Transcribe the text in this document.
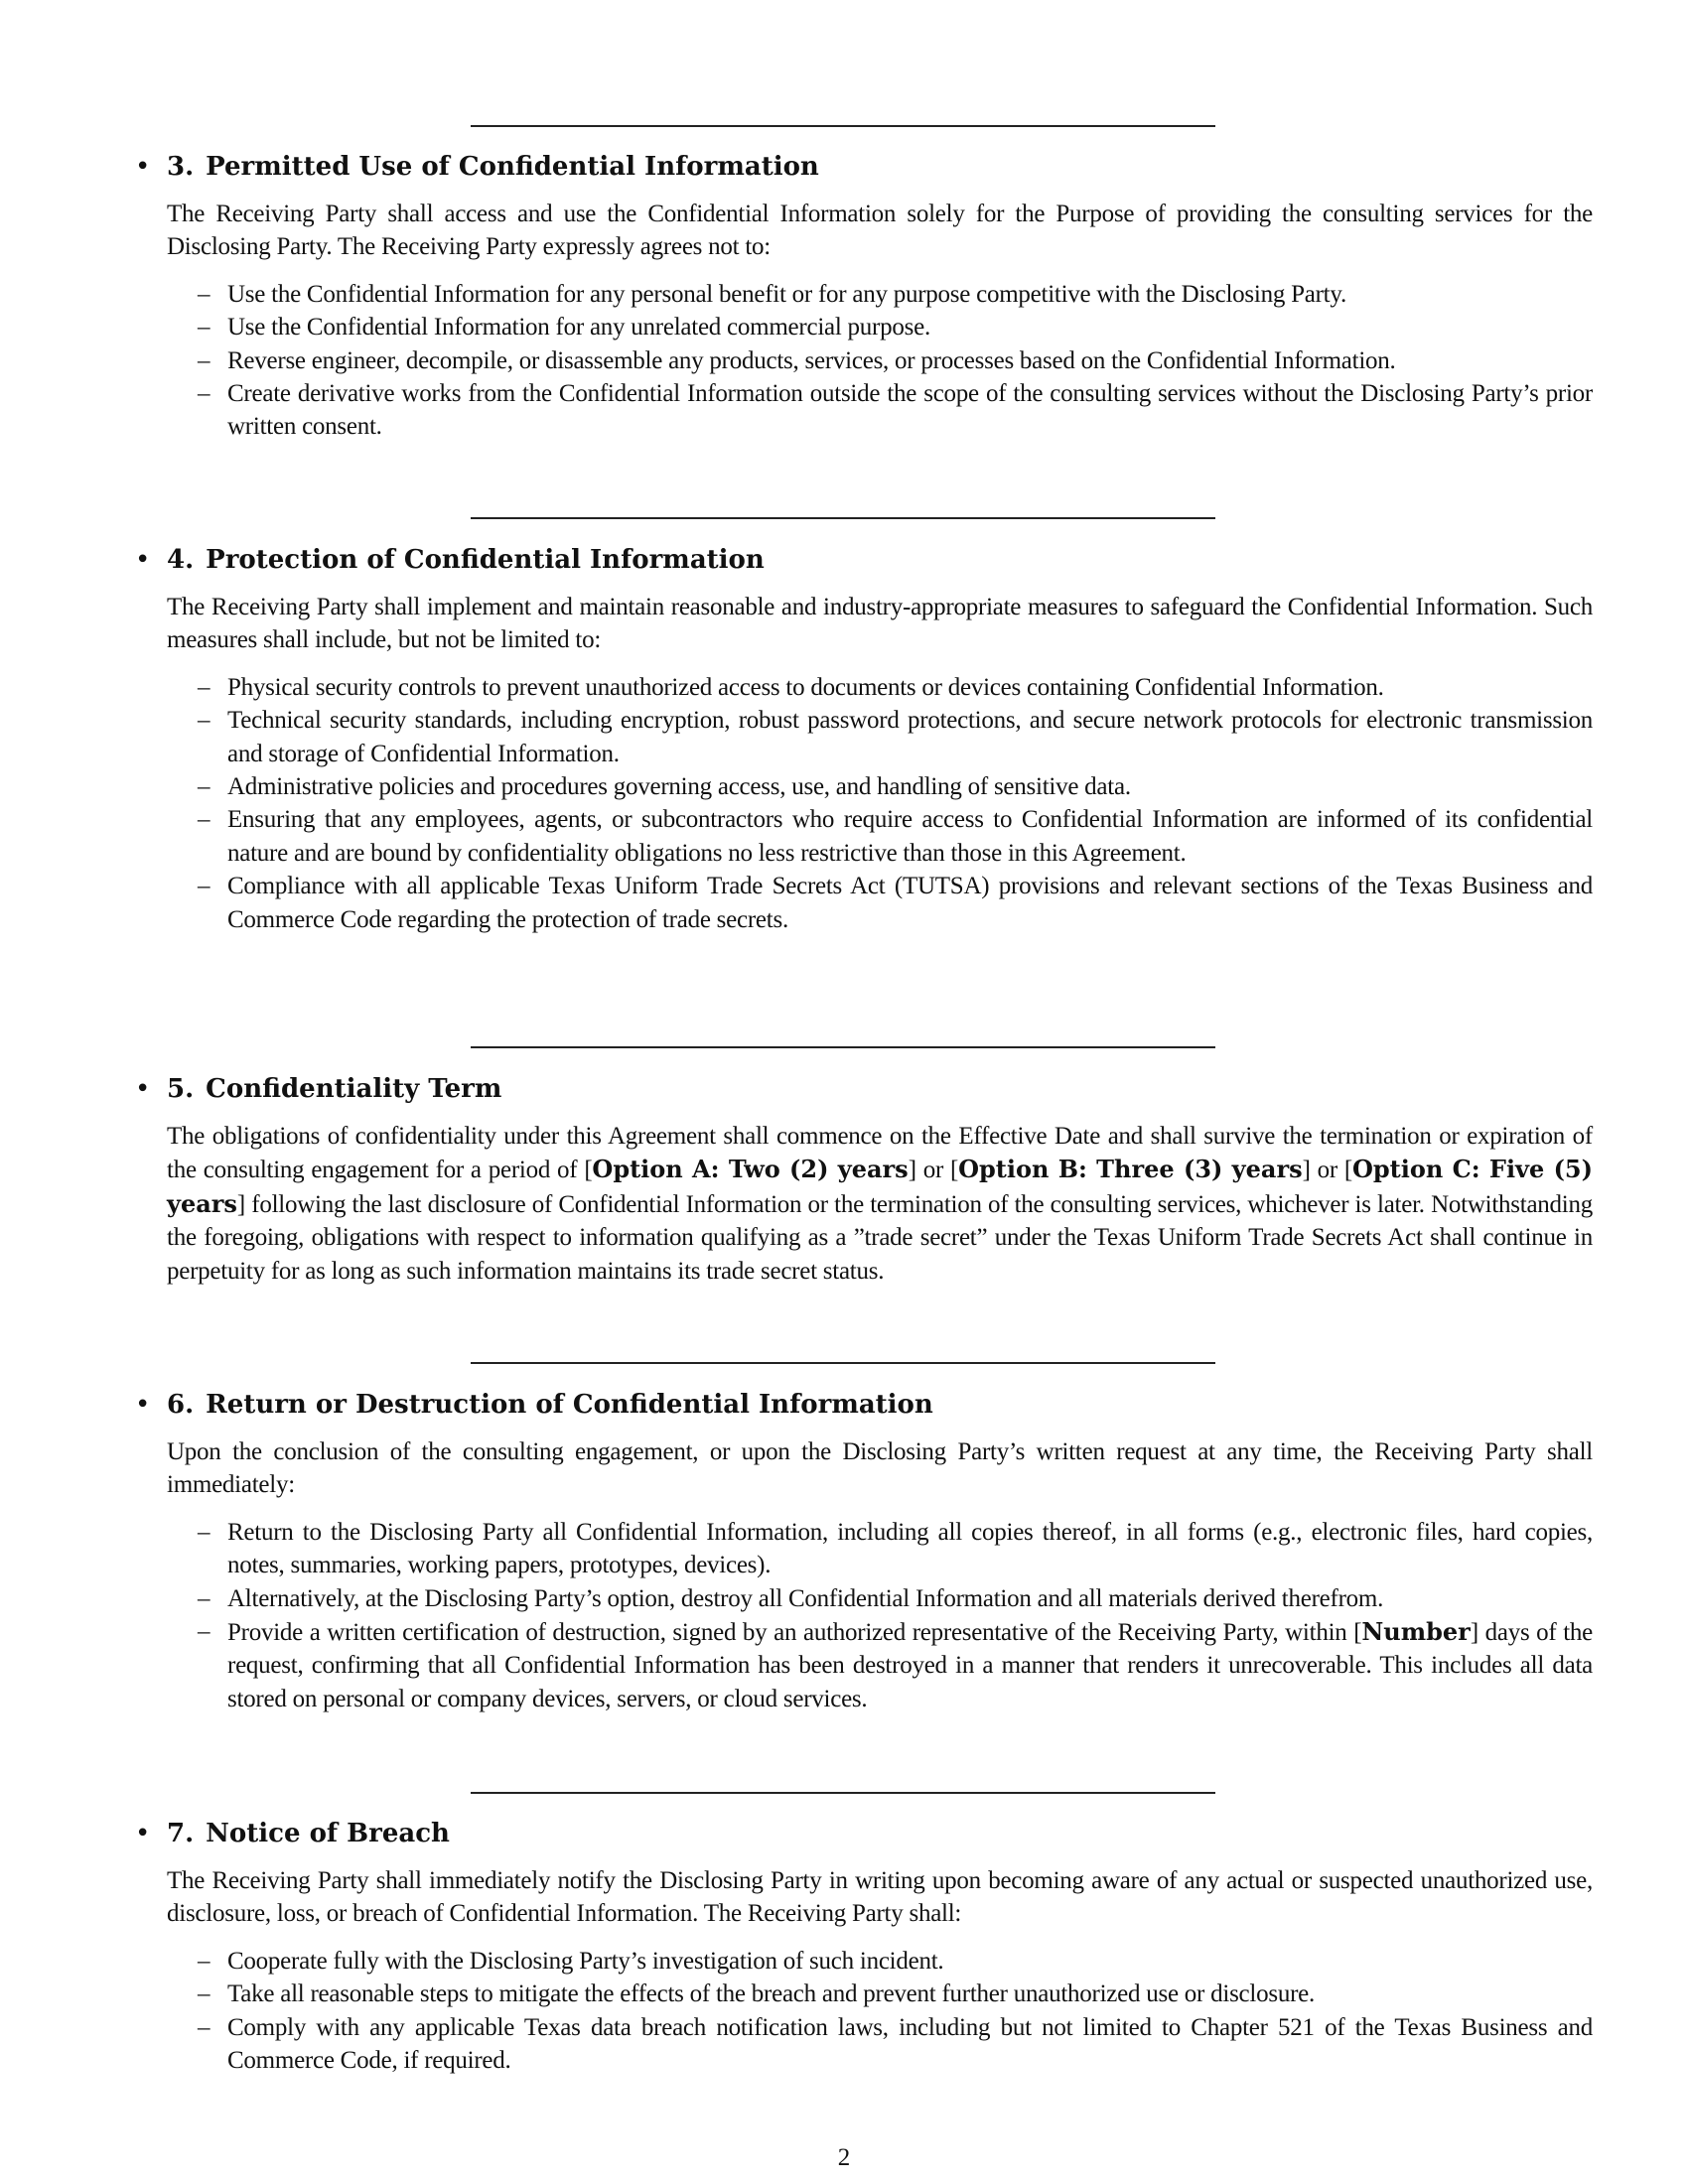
• 3. Permitted Use of Confidential Information

The Receiving Party shall access and use the Confidential Information solely for the Purpose of providing the consulting services for the Disclosing Party. The Receiving Party expressly agrees not to:

– Use the Confidential Information for any personal benefit or for any purpose competitive with the Disclosing Party.
– Use the Confidential Information for any unrelated commercial purpose.
– Reverse engineer, decompile, or disassemble any products, services, or processes based on the Confidential Information.
– Create derivative works from the Confidential Information outside the scope of the consulting services without the Disclosing Party’s prior written consent.
• 4. Protection of Confidential Information

The Receiving Party shall implement and maintain reasonable and industry-appropriate measures to safeguard the Confidential Information. Such measures shall include, but not be limited to:

– Physical security controls to prevent unauthorized access to documents or devices containing Confidential Information.
– Technical security standards, including encryption, robust password protections, and secure network protocols for electronic transmission and storage of Confidential Information.
– Administrative policies and procedures governing access, use, and handling of sensitive data.
– Ensuring that any employees, agents, or subcontractors who require access to Confidential Information are informed of its confidential nature and are bound by confidentiality obligations no less restrictive than those in this Agreement.
– Compliance with all applicable Texas Uniform Trade Secrets Act (TUTSA) provisions and relevant sections of the Texas Business and Commerce Code regarding the protection of trade secrets.
• 5. Confidentiality Term

The obligations of confidentiality under this Agreement shall commence on the Effective Date and shall survive the termination or expiration of the consulting engagement for a period of [Option A: Two (2) years] or [Option B: Three (3) years] or [Option C: Five (5) years] following the last disclosure of Confidential Information or the termination of the consulting services, whichever is later. Notwithstanding the foregoing, obligations with respect to information qualifying as a ”trade secret” under the Texas Uniform Trade Secrets Act shall continue in perpetuity for as long as such information maintains its trade secret status.

• 6. Return or Destruction of Confidential Information

Upon the conclusion of the consulting engagement, or upon the Disclosing Party’s written request at any time, the Receiving Party shall immediately:

– Return to the Disclosing Party all Confidential Information, including all copies thereof, in all forms (e.g., electronic files, hard copies, notes, summaries, working papers, prototypes, devices).
– Alternatively, at the Disclosing Party’s option, destroy all Confidential Information and all materials derived therefrom.
– Provide a written certification of destruction, signed by an authorized representative of the Receiving Party, within [Number] days of the request, confirming that all Confidential Information has been destroyed in a manner that renders it unrecoverable. This includes all data stored on personal or company devices, servers, or cloud services.
• 7. Notice of Breach

The Receiving Party shall immediately notify the Disclosing Party in writing upon becoming aware of any actual or suspected unauthorized use, disclosure, loss, or breach of Confidential Information. The Receiving Party shall:

– Cooperate fully with the Disclosing Party’s investigation of such incident.
– Take all reasonable steps to mitigate the effects of the breach and prevent further unauthorized use or disclosure.
– Comply with any applicable Texas data breach notification laws, including but not limited to Chapter 521 of the Texas Business and Commerce Code, if required.
2
